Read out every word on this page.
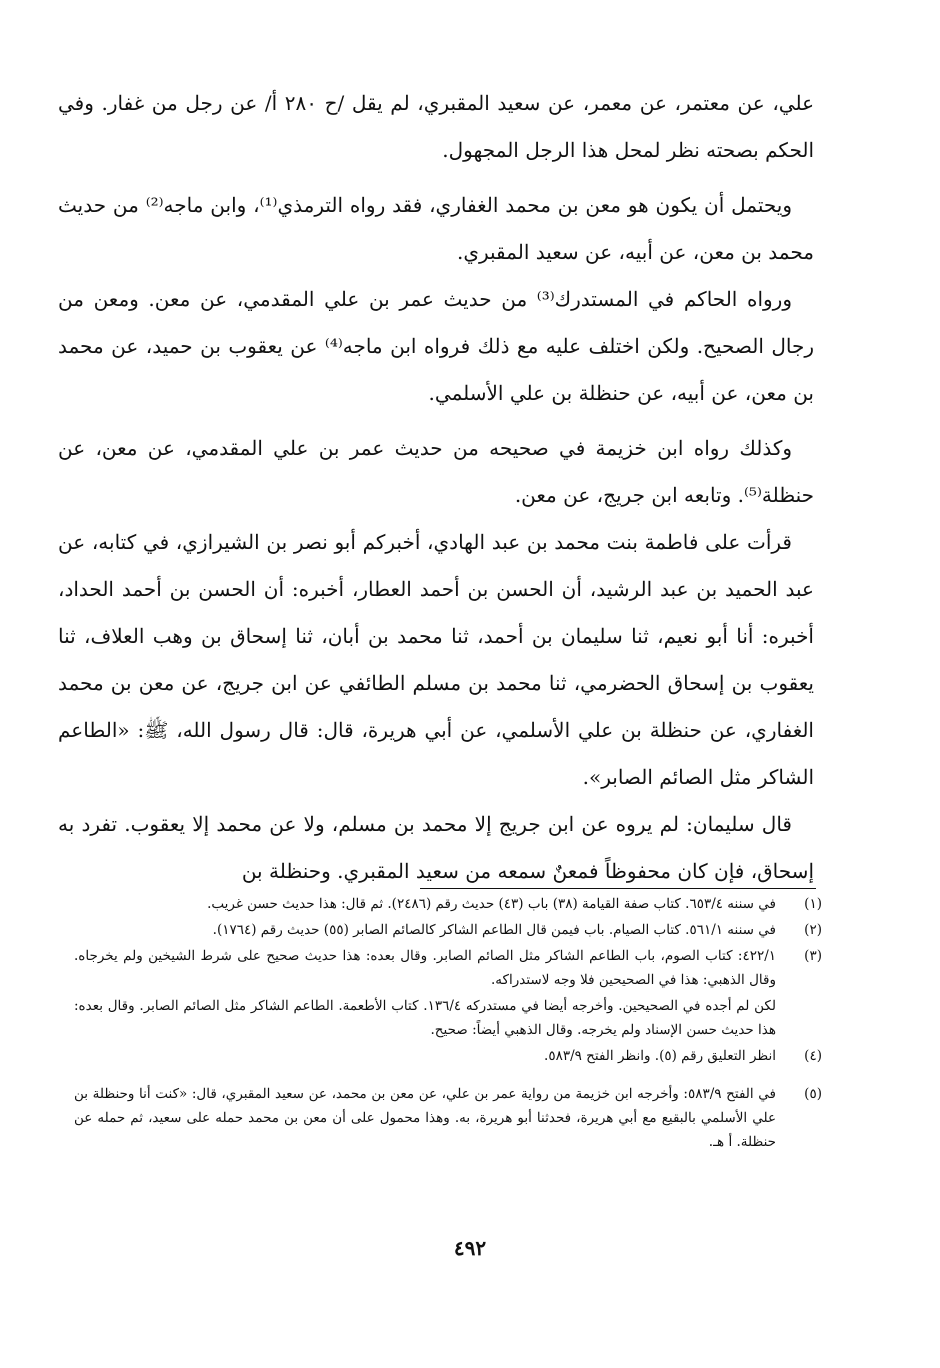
علي، عن معتمر، عن معمر، عن سعيد المقبري، لم يقل /ح ٢٨٠ أ/ عن رجل من غفار. وفي الحكم بصحته نظر لمحل هذا الرجل المجهول.

ويحتمل أن يكون هو معن بن محمد الغفاري، فقد رواه الترمذي⁽¹⁾، وابن ماجه⁽²⁾ من حديث محمد بن معن، عن أبيه، عن سعيد المقبري.

ورواه الحاكم في المستدرك⁽³⁾ من حديث عمر بن علي المقدمي، عن معن. ومعن من رجال الصحيح. ولكن اختلف عليه مع ذلك فرواه ابن ماجه⁽⁴⁾ عن يعقوب بن حميد، عن محمد بن معن، عن أبيه، عن حنظلة بن علي الأسلمي.

وكذلك رواه ابن خزيمة في صحيحه من حديث عمر بن علي المقدمي، عن معن، عن حنظلة⁽⁵⁾. وتابعه ابن جريج، عن معن.

قرأت على فاطمة بنت محمد بن عبد الهادي، أخبركم أبو نصر بن الشيرازي، في كتابه، عن عبد الحميد بن عبد الرشيد، أن الحسن بن أحمد العطار، أخبره: أن الحسن بن أحمد الحداد، أخبره: أنا أبو نعيم، ثنا سليمان بن أحمد، ثنا محمد بن أبان، ثنا إسحاق بن وهب العلاف، ثنا يعقوب بن إسحاق الحضرمي، ثنا محمد بن مسلم الطائفي عن ابن جريج، عن معن بن محمد الغفاري، عن حنظلة بن علي الأسلمي، عن أبي هريرة، قال: قال رسول الله، ﷺ: «الطاعم الشاكر مثل الصائم الصابر».

قال سليمان: لم يروه عن ابن جريج إلا محمد بن مسلم، ولا عن محمد إلا يعقوب. تفرد به إسحاق، فإن كان محفوظاً فمعنٌ سمعه من سعيد المقبري. وحنظلة بن

(١)
في سننه ٦٥٣/٤. كتاب صفة القيامة (٣٨) باب (٤٣) حديث رقم (٢٤٨٦). ثم قال: هذا حديث حسن غريب.
(٢)
في سننه ٥٦١/١. كتاب الصيام. باب فيمن قال الطاعم الشاكر كالصائم الصابر (٥٥) حديث رقم (١٧٦٤).
(٣)
٤٢٢/١: كتاب الصوم، باب الطاعم الشاكر مثل الصائم الصابر. وقال بعده: هذا حديث صحيح على شرط الشيخين ولم يخرجاه. وقال الذهبي: هذا في الصحيحين فلا وجه لاستدراكه.
لكن لم أجده في الصحيحين. وأخرجه أيضا في مستدركه ١٣٦/٤. كتاب الأطعمة. الطاعم الشاكر مثل الصائم الصابر. وقال بعده: هذا حديث حسن الإسناد ولم يخرجه. وقال الذهبي أيضاً: صحيح.
(٤)
انظر التعليق رقم (٥). وانظر الفتح ٥٨٣/٩.
(٥)
في الفتح ٥٨٣/٩: وأخرجه ابن خزيمة من رواية عمر بن علي، عن معن بن محمد، عن سعيد المقبري، قال: «كنت أنا وحنظلة بن علي الأسلمي بالبقيع مع أبي هريرة، فحدثنا أبو هريرة، به. وهذا محمول على أن معن بن محمد حمله على سعيد، ثم حمله عن حنظلة. أ هـ.
٤٩٢
